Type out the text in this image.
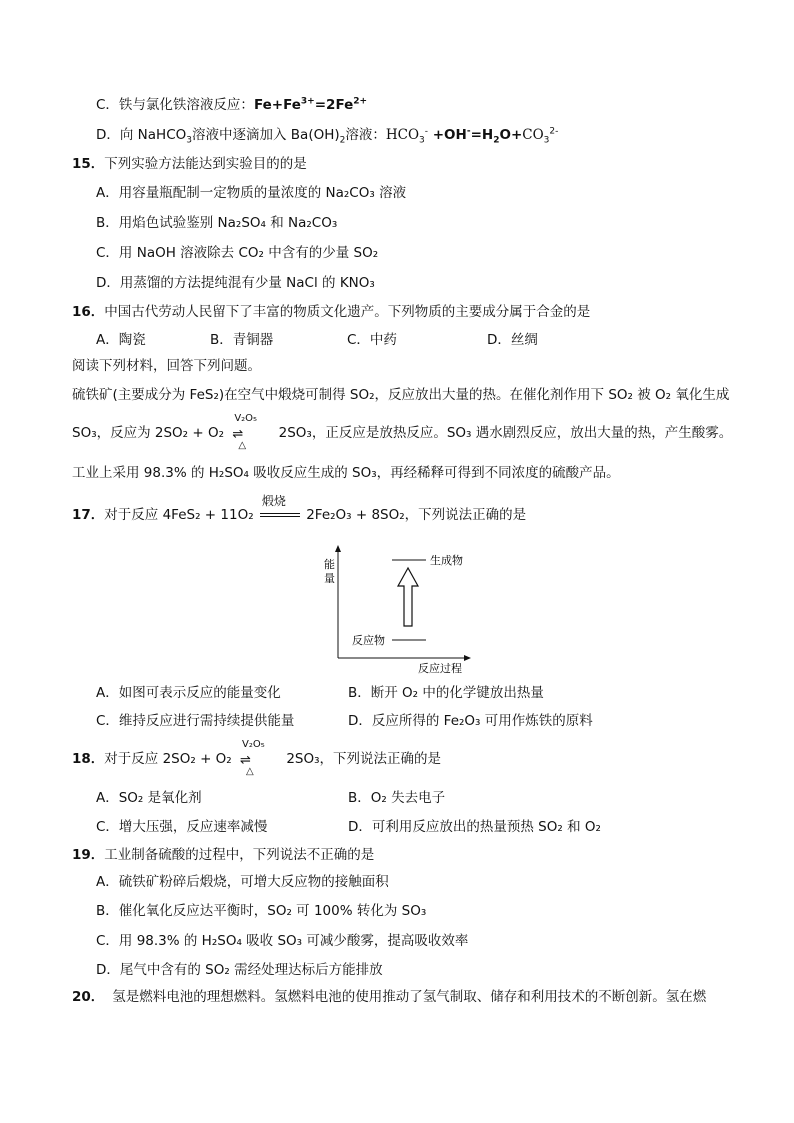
C．铁与氯化铁溶液反应：$Fe+Fe^{3+}=2Fe^{2+}$
D．向 NaHCO$_3$溶液中逐滴加入 $Ba(OH)_2$溶液：$HCO_3^- +OH^-=H_2O+CO_3^{2-}$
15．下列实验方法能达到实验目的的是
A．用容量瓶配制一定物质的量浓度的 Na₂CO₃ 溶液
B．用焰色试验鉴别 Na₂SO₄ 和 Na₂CO₃
C．用 NaOH 溶液除去 CO₂ 中含有的少量 SO₂
D．用蒸馏的方法提纯混有少量 NaCl 的 KNO₃
16．中国古代劳动人民留下了丰富的物质文化遗产。下列物质的主要成分属于合金的是
A．陶瓷	B．青铜器	C．中药	D．丝绸
阅读下列材料，回答下列问题。
硫铁矿(主要成分为 FeS₂)在空气中煅烧可制得 SO₂，反应放出大量的热。在催化剂作用下 SO₂ 被 O₂ 氧化生成
SO₃，反应为 2SO₂ + O₂
V₂O₅
⇌
△
2SO₃，正反应是放热反应。SO₃ 遇水剧烈反应，放出大量的热，产生酸雾。
工业上采用 98.3% 的 H₂SO₄ 吸收反应生成的 SO₃，再经稀释可得到不同浓度的硫酸产品。
17．对于反应 4FeS₂ + 11O₂
煅烧
2Fe₂O₃ + 8SO₂，下列说法正确的是
能
量
反应过程
生成物
反应物
A．如图可表示反应的能量变化	B．断开 O₂ 中的化学键放出热量
C．维持反应进行需持续提供能量	D．反应所得的 Fe₂O₃ 可用作炼铁的原料
18．对于反应 2SO₂ + O₂
V₂O₅
⇌
△
2SO₃，下列说法正确的是
A．SO₂ 是氧化剂	B．O₂ 失去电子
C．增大压强，反应速率减慢	D．可利用反应放出的热量预热 SO₂ 和 O₂
19．工业制备硫酸的过程中，下列说法不正确的是
A．硫铁矿粉碎后煅烧，可增大反应物的接触面积
B．催化氧化反应达平衡时，SO₂ 可 100% 转化为 SO₃
C．用 98.3% 的 H₂SO₄ 吸收 SO₃ 可减少酸雾，提高吸收效率
D．尾气中含有的 SO₂ 需经处理达标后方能排放
20． 氢是燃料电池的理想燃料。氢燃料电池的使用推动了氢气制取、储存和利用技术的不断创新。氢在燃
